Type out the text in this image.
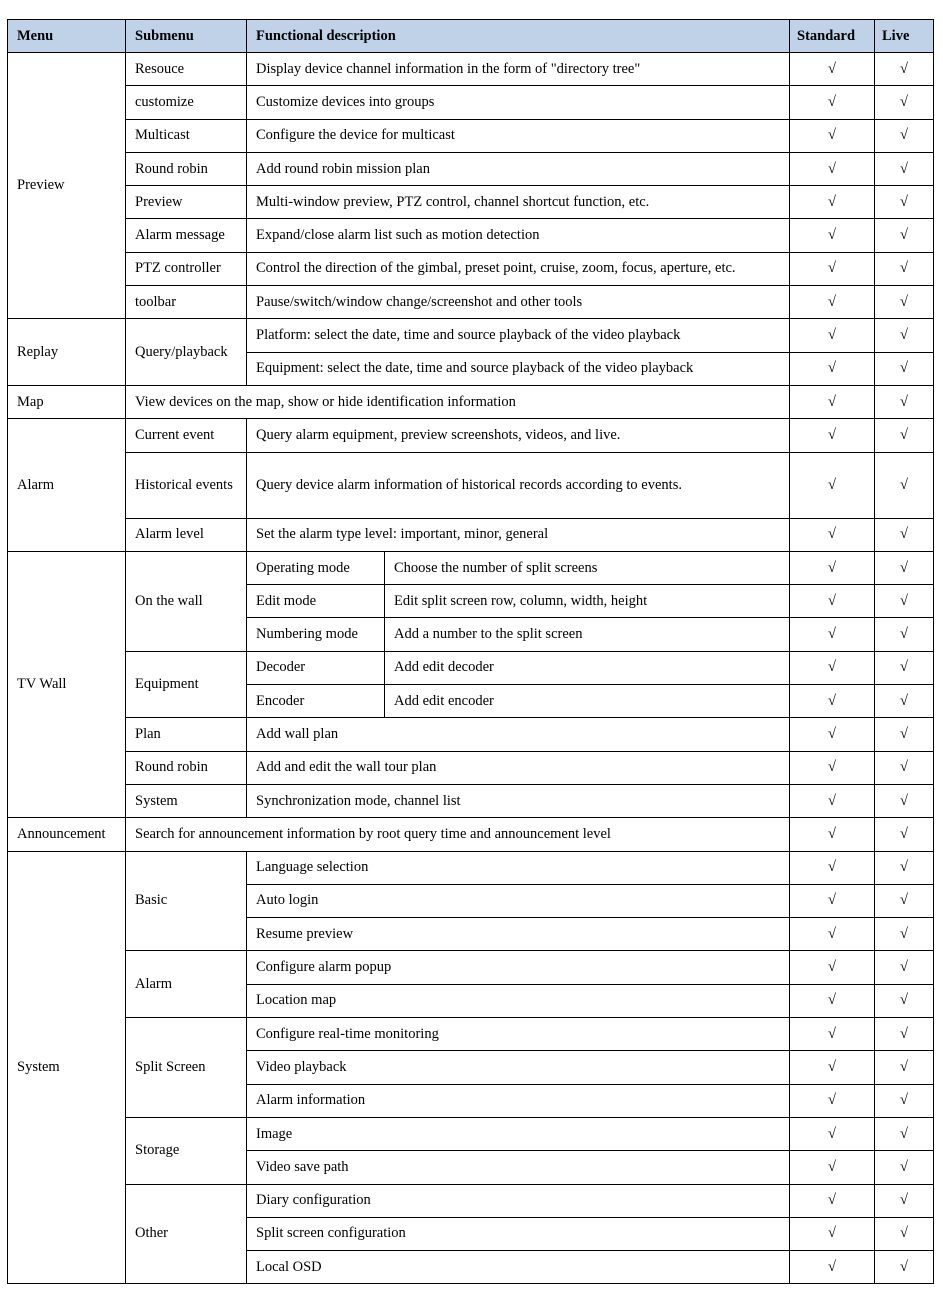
Menu	Submenu	Functional description		Standard	Live
Preview	Resouce	Display device channel information in the form of "directory tree"		√	√
	customize	Customize devices into groups		√	√
	Multicast	Configure the device for multicast		√	√
	Round robin	Add round robin mission plan		√	√
	Preview	Multi-window preview, PTZ control, channel shortcut function, etc.		√	√
	Alarm message	Expand/close alarm list such as motion detection		√	√
	PTZ controller	Control the direction of the gimbal, preset point, cruise, zoom, focus, aperture, etc.		√	√
	toolbar	Pause/switch/window change/screenshot and other tools		√	√
Replay	Query/playback	Platform: select the date, time and source playback of the video playback		√	√
		Equipment: select the date, time and source playback of the video playback		√	√
Map	View devices on the map, show or hide identification information			√	√
Alarm	Current event	Query alarm equipment, preview screenshots, videos, and live.		√	√
	Historical events	Query device alarm information of historical records according to events.		√	√
	Alarm level	Set the alarm type level: important, minor, general		√	√
TV Wall	On the wall	Operating mode	Choose the number of split screens	√	√
		Edit mode	Edit split screen row, column, width, height	√	√
		Numbering mode	Add a number to the split screen	√	√
	Equipment	Decoder	Add edit decoder	√	√
		Encoder	Add edit encoder	√	√
	Plan	Add wall plan		√	√
	Round robin	Add and edit the wall tour plan		√	√
	System	Synchronization mode, channel list		√	√
Announcement	Search for announcement information by root query time and announcement level			√	√
System	Basic	Language selection		√	√
		Auto login		√	√
		Resume preview		√	√
	Alarm	Configure alarm popup		√	√
		Location map		√	√
	Split Screen	Configure real-time monitoring		√	√
		Video playback		√	√
		Alarm information		√	√
	Storage	Image		√	√
		Video save path		√	√
	Other	Diary configuration		√	√
		Split screen configuration		√	√
		Local OSD		√	√
